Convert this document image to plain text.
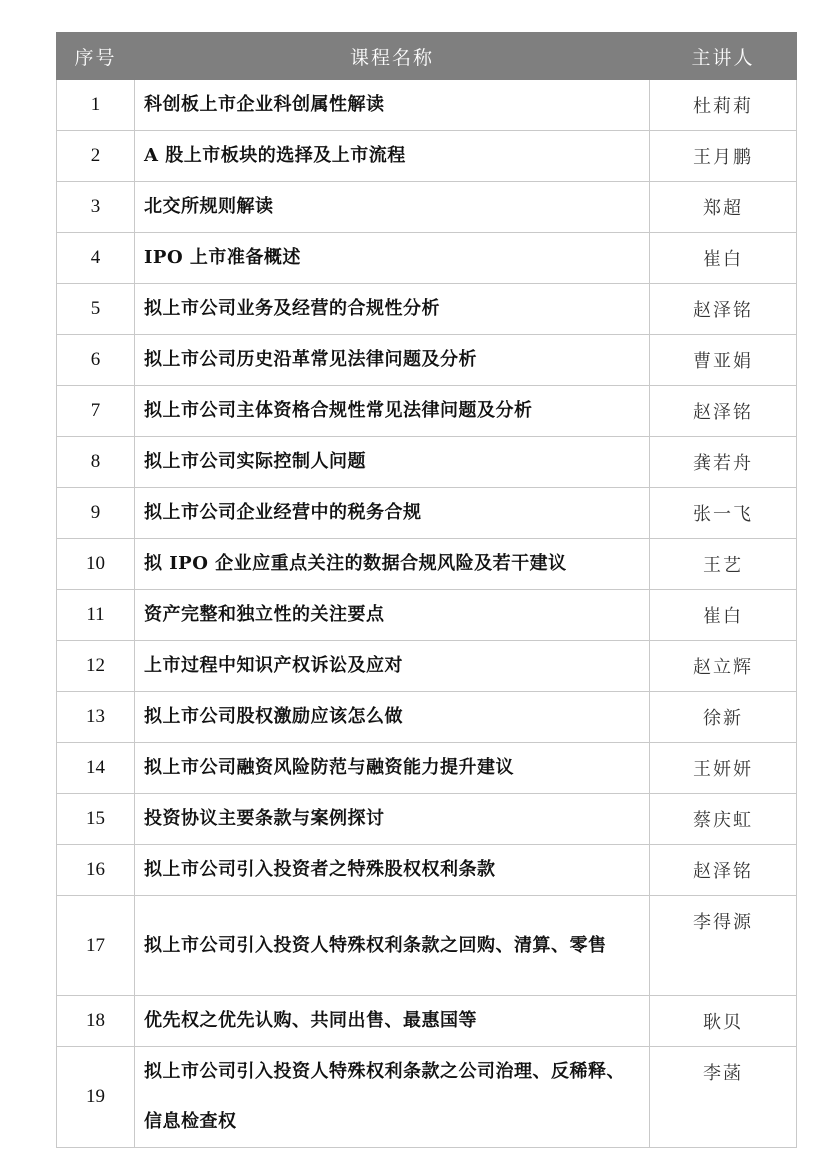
序号	课程名称	主讲人
1	科创板上市企业科创属性解读	杜莉莉
2	A 股上市板块的选择及上市流程	王月鹏
3	北交所规则解读	郑超
4	IPO 上市准备概述	崔白
5	拟上市公司业务及经营的合规性分析	赵泽铭
6	拟上市公司历史沿革常见法律问题及分析	曹亚娟
7	拟上市公司主体资格合规性常见法律问题及分析	赵泽铭
8	拟上市公司实际控制人问题	龚若舟
9	拟上市公司企业经营中的税务合规	张一飞
10	拟 IPO 企业应重点关注的数据合规风险及若干建议	王艺
11	资产完整和独立性的关注要点	崔白
12	上市过程中知识产权诉讼及应对	赵立辉
13	拟上市公司股权激励应该怎么做	徐新
14	拟上市公司融资风险防范与融资能力提升建议	王妍妍
15	投资协议主要条款与案例探讨	蔡庆虹
16	拟上市公司引入投资者之特殊股权权利条款	赵泽铭
17	拟上市公司引入投资人特殊权利条款之回购、清算、零售	李得源
18	优先权之优先认购、共同出售、最惠国等	耿贝
19	拟上市公司引入投资人特殊权利条款之公司治理、反稀释、信息检查权	李菡
